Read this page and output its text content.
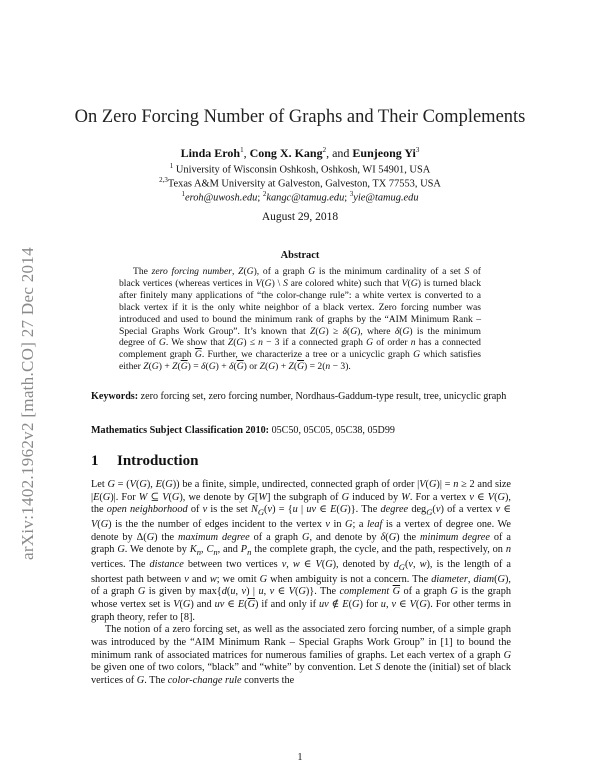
arXiv:1402.1962v2 [math.CO] 27 Dec 2014
On Zero Forcing Number of Graphs and Their Complements
Linda Eroh$^1$, Cong X. Kang$^2$, and Eunjeong Yi$^3$
$^1$ University of Wisconsin Oshkosh, Oshkosh, WI 54901, USA
$^{2,3}$Texas A&M University at Galveston, Galveston, TX 77553, USA
$^1$eroh@uwosh.edu; $^2$kangc@tamug.edu; $^3$yie@tamug.edu
August 29, 2018
Abstract

The zero forcing number, Z(G), of a graph G is the minimum cardinality of a set S of black vertices (whereas vertices in V(G) \ S are colored white) such that V(G) is turned black after finitely many applications of “the color-change rule”: a white vertex is converted to a black vertex if it is the only white neighbor of a black vertex. Zero forcing number was introduced and used to bound the minimum rank of graphs by the “AIM Minimum Rank – Special Graphs Work Group”. It’s known that Z(G) ≥ δ(G), where δ(G) is the minimum degree of G. We show that Z(G) ≤ n − 3 if a connected graph G of order n has a connected complement graph $\overline{G}$. Further, we characterize a tree or a unicyclic graph G which satisfies either $Z(G) + Z(\overline{G}) = \delta(G) + \delta(\overline{G})$ or $Z(G) + Z(\overline{G}) = 2(n - 3)$.

Keywords: zero forcing set, zero forcing number, Nordhaus-Gaddum-type result, tree, unicyclic graph
Mathematics Subject Classification 2010: 05C50, 05C05, 05C38, 05D99
1 Introduction

Let G = (V(G), E(G)) be a finite, simple, undirected, connected graph of order |V(G)| = n ≥ 2 and size |E(G)|. For W ⊆ V(G), we denote by G[W] the subgraph of G induced by W. For a vertex v ∈ V(G), the open neighborhood of v is the set $N_G(v) = \{u$ | uv ∈ E(G)}. The degree deg$_G$(v) of a vertex v ∈ V(G) is the the number of edges incident to the vertex v in G; a leaf is a vertex of degree one. We denote by Δ(G) the maximum degree of a graph G, and denote by δ(G) the minimum degree of a graph G. We denote by $K_n$, $C_n$, and $P_n$ the complete graph, the cycle, and the path, respectively, on n vertices. The distance between two vertices v, w ∈ V(G), denoted by $d_G(v$, w), is the length of a shortest path between v and w; we omit G when ambiguity is not a concern. The diameter, diam(G), of a graph G is given by max{d(u, v) | u, v ∈ V(G)}. The complement $\overline{G}$ of a graph G is the graph whose vertex set is V(G) and uv ∈ $E(\overline{G})$ if and only if uv ∉ E(G) for u, v ∈ V(G). For other terms in graph theory, refer to [8].

The notion of a zero forcing set, as well as the associated zero forcing number, of a simple graph was introduced by the “AIM Minimum Rank – Special Graphs Work Group” in [1] to bound the minimum rank of associated matrices for numerous families of graphs. Let each vertex of a graph G be given one of two colors, “black” and “white” by convention. Let S denote the (initial) set of black vertices of G. The color-change rule converts the

1
